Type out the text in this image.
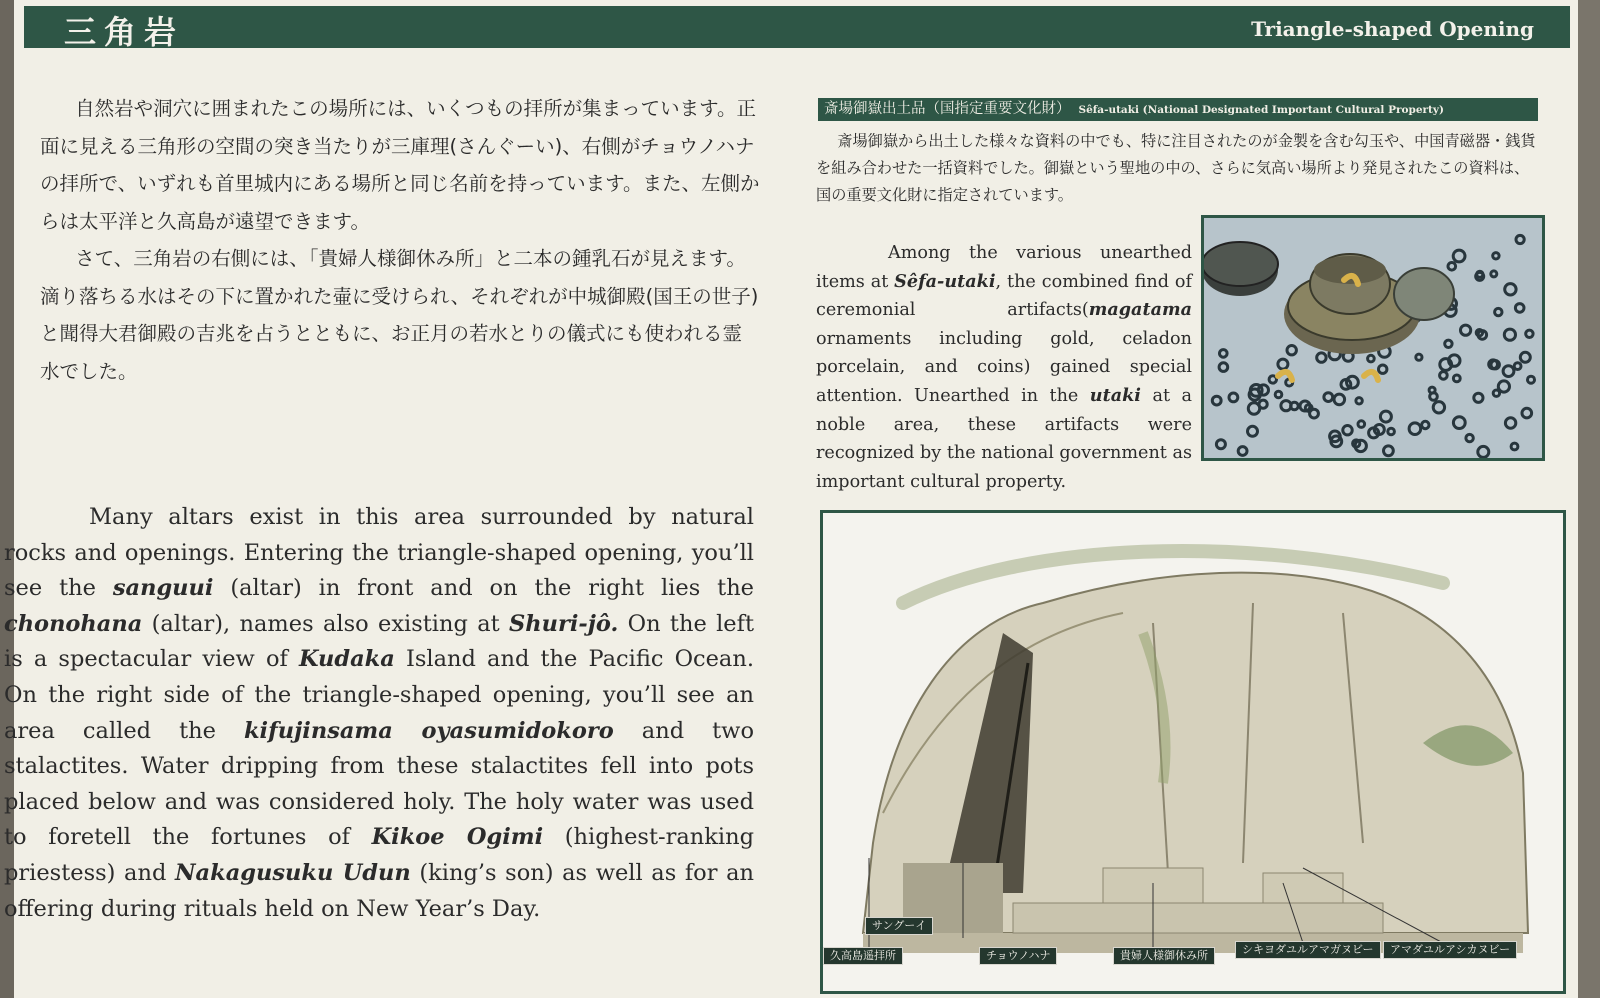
三角岩	Triangle-shaped Opening

自然岩や洞穴に囲まれたこの場所には、いくつもの拝所が集まっています。正面に見える三角形の空間の突き当たりが三庫理(さんぐーい)、右側がチョウノハナの拝所で、いずれも首里城内にある場所と同じ名前を持っています。また、左側からは太平洋と久高島が遠望できます。

さて、三角岩の右側には、「貴婦人様御休み所」と二本の鍾乳石が見えます。滴り落ちる水はその下に置かれた壷に受けられ、それぞれが中城御殿(国王の世子)と聞得大君御殿の吉兆を占うとともに、お正月の若水とりの儀式にも使われる霊水でした。

Many altars exist in this area surrounded by natural rocks and openings. Entering the triangle-shaped opening, you’ll see the sanguui (altar) in front and on the right lies the chonohana (altar), names also existing at Shuri-jô. On the left is a spectacular view of Kudaka Island and the Pacific Ocean. On the right side of the triangle-shaped opening, you’ll see an area called the kifujinsama oyasumidokoro and two stalactites. Water dripping from these stalactites fell into pots placed below and was considered holy. The holy water was used to foretell the fortunes of Kikoe Ogimi (highest-ranking priestess) and Nakagusuku Udun (king’s son) as well as for an offering during rituals held on New Year’s Day.

斎場御嶽出土品（国指定重要文化財） Sêfa-utaki (National Designated Important Cultural Property)

斎場御嶽から出土した様々な資料の中でも、特に注目されたのが金製を含む勾玉や、中国青磁器・銭貨を組み合わせた一括資料でした。御嶽という聖地の中の、さらに気高い場所より発見されたこの資料は、国の重要文化財に指定されています。

Among the various unearthed items at Sêfa-utaki, the combined find of ceremonial artifacts(magatama ornaments including gold, celadon porcelain, and coins) gained special attention. Unearthed in the utaki at a noble area, these artifacts were recognized by the national government as important cultural property.

サングーイ
久高島遥拝所	チョウノハナ	貴婦人様御休み所	シキヨダユルアマガヌビー	アマダユルアシカヌビー
